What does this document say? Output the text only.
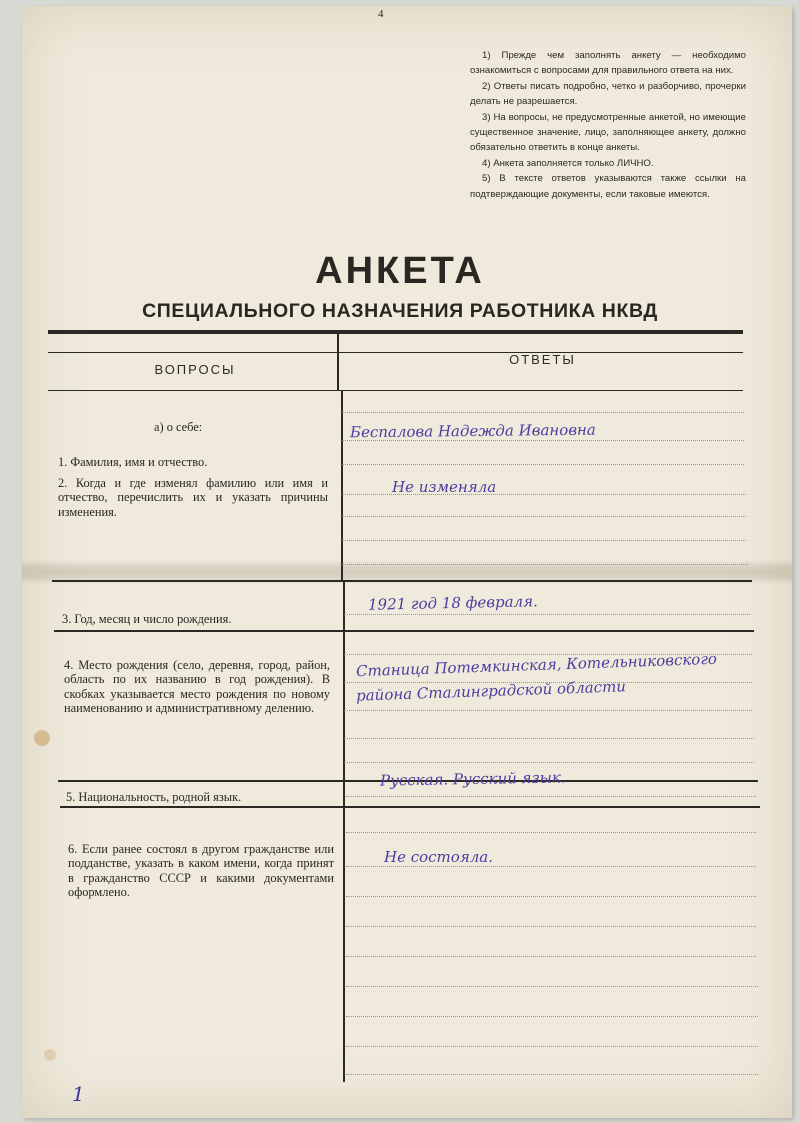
4

1) Прежде чем заполнять анкету — необходимо ознакомиться с вопросами для правильного ответа на них.

2) Ответы писать подробно, четко и разборчиво, прочерки делать не разрешается.

3) На вопросы, не предусмотренные анкетой, но имеющие существенное значение, лицо, заполняющее анкету, должно обязательно ответить в конце анкеты.

4) Анкета заполняется только ЛИЧНО.

5) В тексте ответов указываются также ссылки на подтверждающие документы, если таковые имеются.

АНКЕТА
СПЕЦИАЛЬНОГО НАЗНАЧЕНИЯ РАБОТНИКА НКВД
ВОПРОСЫ
ОТВЕТЫ
а) о себе:
1. Фамилия, имя и отчество.
2. Когда и где изменял фамилию или имя и отчество, перечислить их и указать причины изменения.
3. Год, месяц и число рождения.
4. Место рождения (село, деревня, город, район, область по их названию в год рождения). В скобках указывается место рождения по новому наименованию и административному делению.
5. Национальность, родной язык.
6. Если ранее состоял в другом гражданстве или подданстве, указать в каком имени, когда принят в гражданство СССР и какими документами оформлено.
Беспалова Надежда Ивановна
Не изменяла
1921 год 18 февраля.
Станица Потемкинская, Котельниковского
района Сталинградской области
Русская. Русский язык.
Не состояла.
1
